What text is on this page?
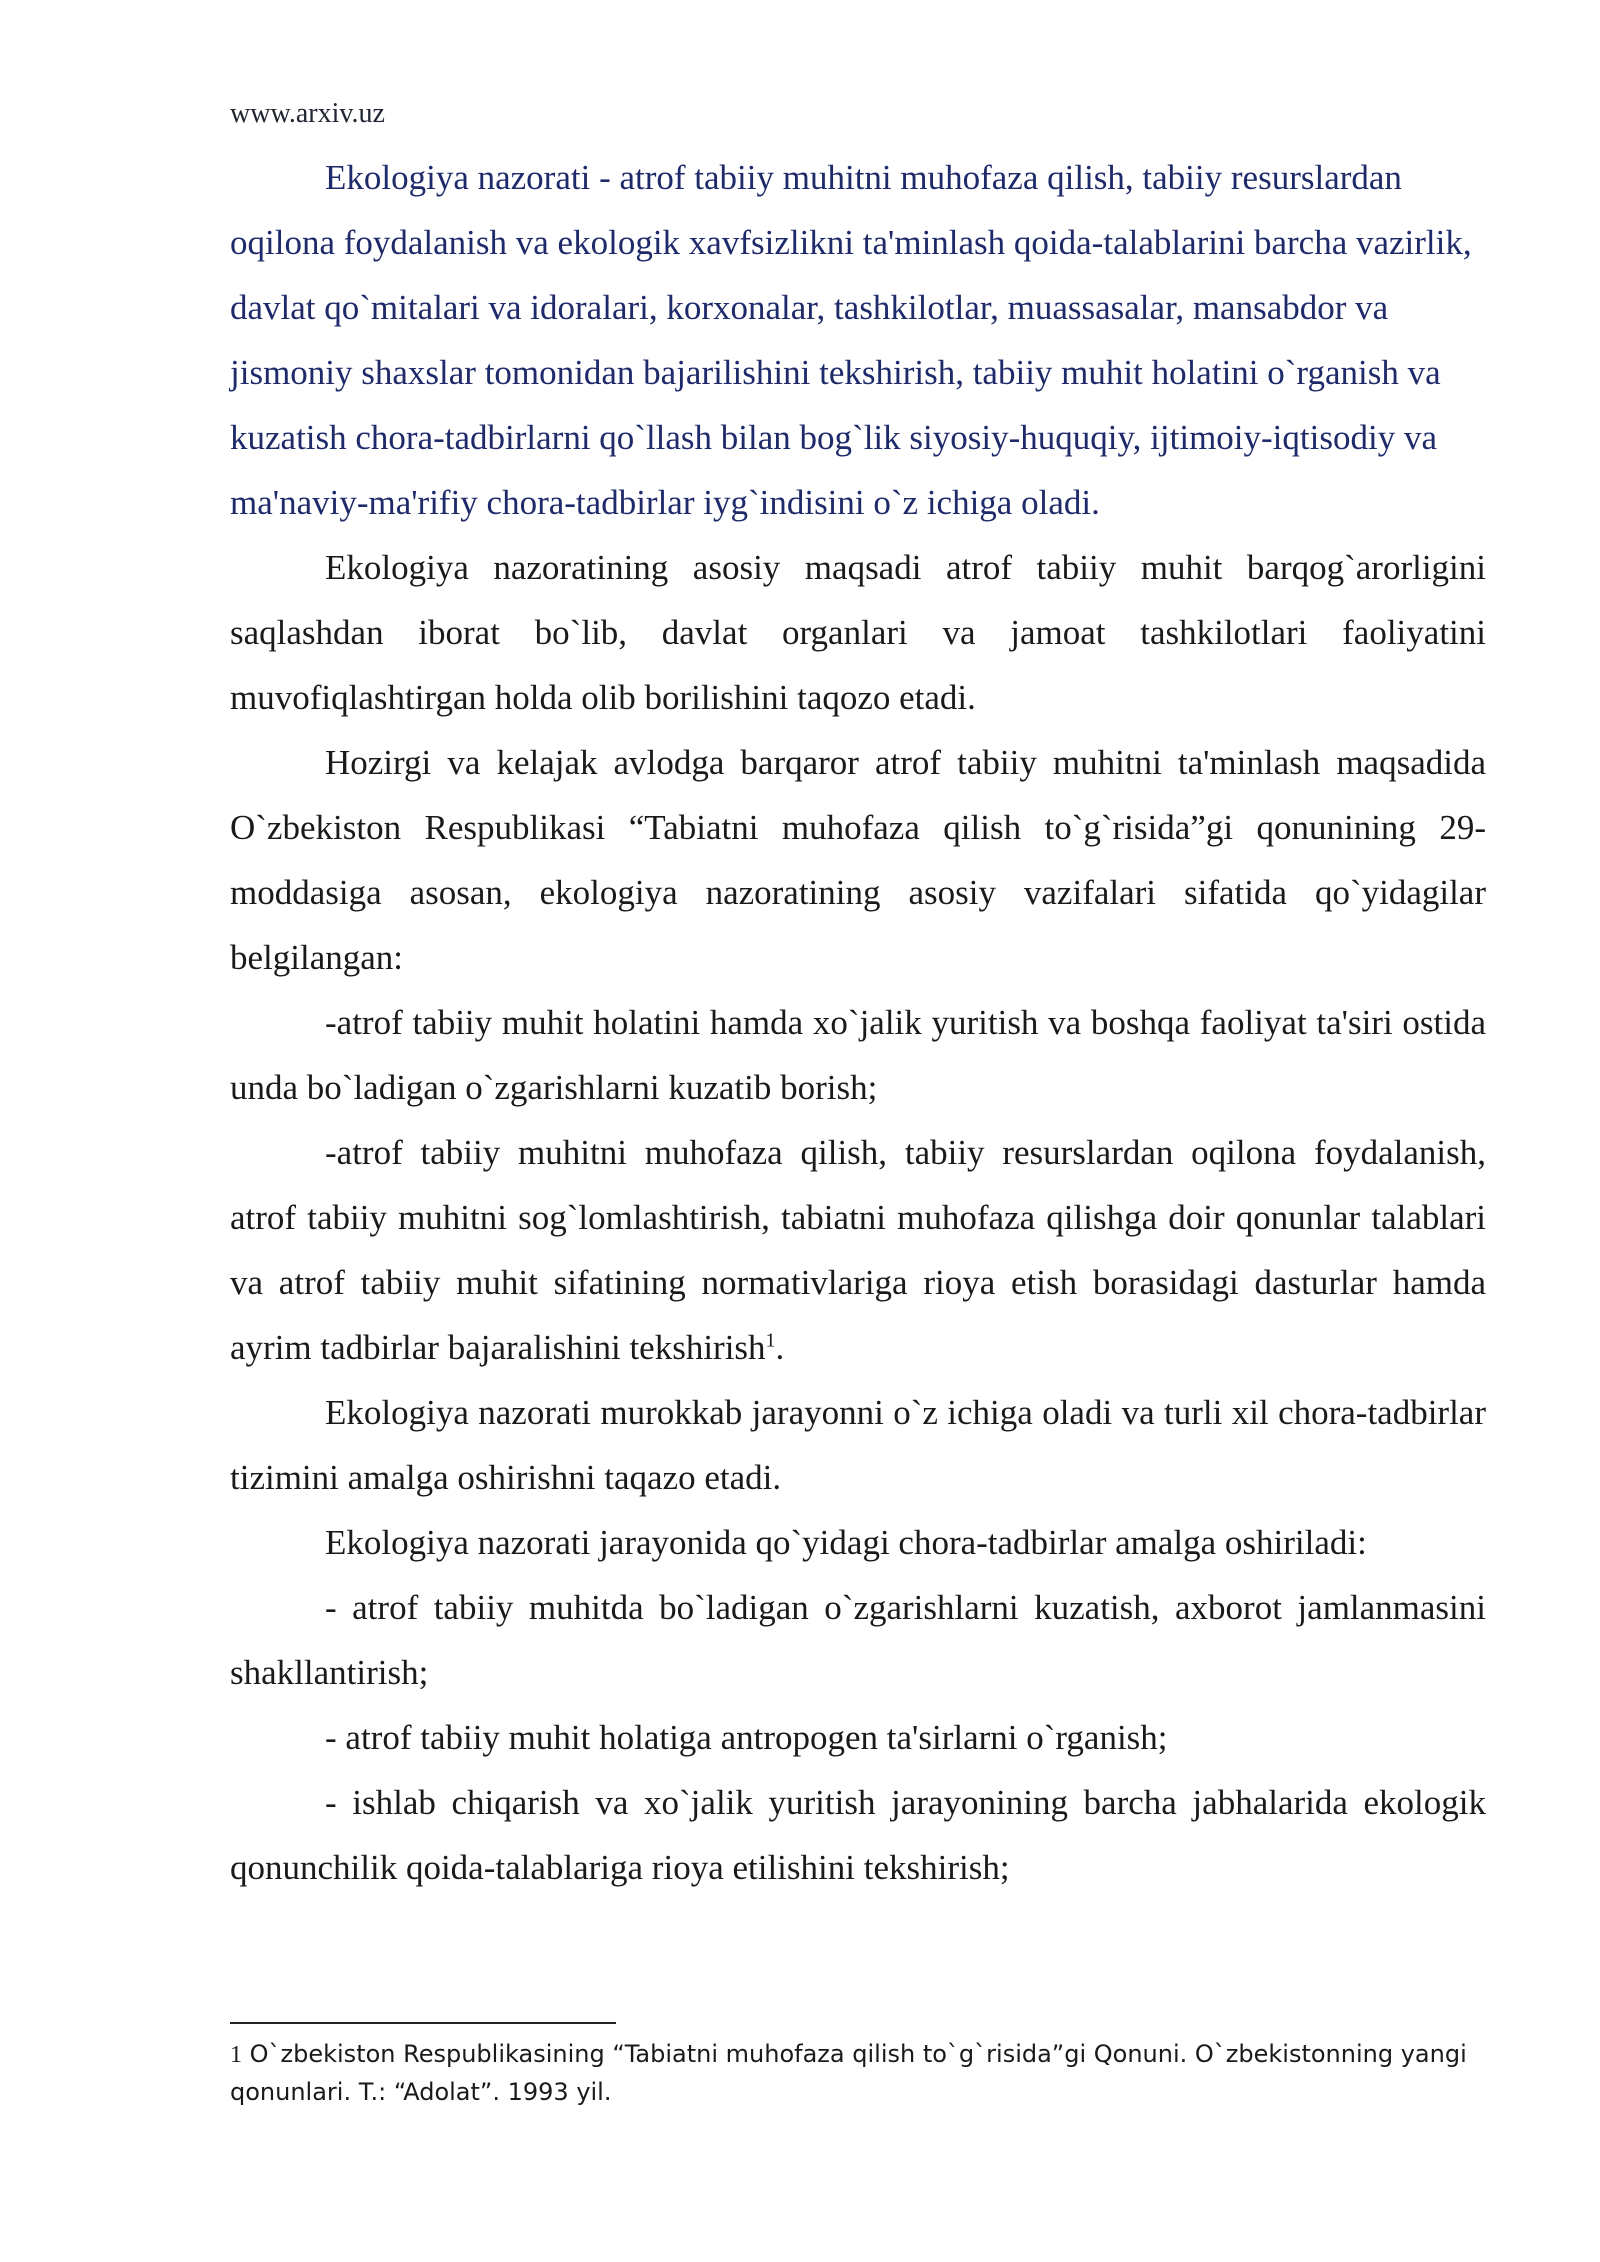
www.arxiv.uz

Ekologiya nazorati - atrof tabiiy muhitni muhofaza qilish, tabiiy resurslardan oqilona foydalanish va ekologik xavfsizlikni ta'minlash qoida-talablarini barcha vazirlik, davlat qo`mitalari va idoralari, korxonalar, tashkilotlar, muassasalar, mansabdor va jismoniy shaxslar tomonidan bajarilishini tekshirish, tabiiy muhit holatini o`rganish va kuzatish chora-tadbirlarni qo`llash bilan bog`lik siyosiy-huquqiy, ijtimoiy-iqtisodiy va ma'naviy-ma'rifiy chora-tadbirlar iyg`indisini o`z ichiga oladi.

Ekologiya nazoratining asosiy maqsadi atrof tabiiy muhit barqog`arorligini saqlashdan iborat bo`lib, davlat organlari va jamoat tashkilotlari faoliyatini muvofiqlashtirgan holda olib borilishini taqozo etadi.

Hozirgi va kelajak avlodga barqaror atrof tabiiy muhitni ta'minlash maqsadida O`zbekiston Respublikasi “Tabiatni muhofaza qilish to`g`risida”gi qonunining 29-moddasiga asosan, ekologiya nazoratining asosiy vazifalari sifatida qo`yidagilar belgilangan:

-atrof tabiiy muhit holatini hamda xo`jalik yuritish va boshqa faoliyat ta'siri ostida unda bo`ladigan o`zgarishlarni kuzatib borish;

-atrof tabiiy muhitni muhofaza qilish, tabiiy resurslardan oqilona foydalanish, atrof tabiiy muhitni sog`lomlashtirish, tabiatni muhofaza qilishga doir qonunlar talablari va atrof tabiiy muhit sifatining normativlariga rioya etish borasidagi dasturlar hamda ayrim tadbirlar bajaralishini tekshirish$^1$.

Ekologiya nazorati murokkab jarayonni o`z ichiga oladi va turli xil chora-tadbirlar tizimini amalga oshirishni taqazo etadi.

Ekologiya nazorati jarayonida qo`yidagi chora-tadbirlar amalga oshiriladi:

- atrof tabiiy muhitda bo`ladigan o`zgarishlarni kuzatish, axborot jamlanmasini shakllantirish;

- atrof tabiiy muhit holatiga antropogen ta'sirlarni o`rganish;

- ishlab chiqarish va xo`jalik yuritish jarayonining barcha jabhalarida ekologik qonunchilik qoida-talablariga rioya etilishini tekshirish;

1 O`zbekiston Respublikasining “Tabiatni muhofaza qilish to`g`risida”gi Qonuni. O`zbekistonning yangi qonunlari. T.: “Adolat”. 1993 yil.
